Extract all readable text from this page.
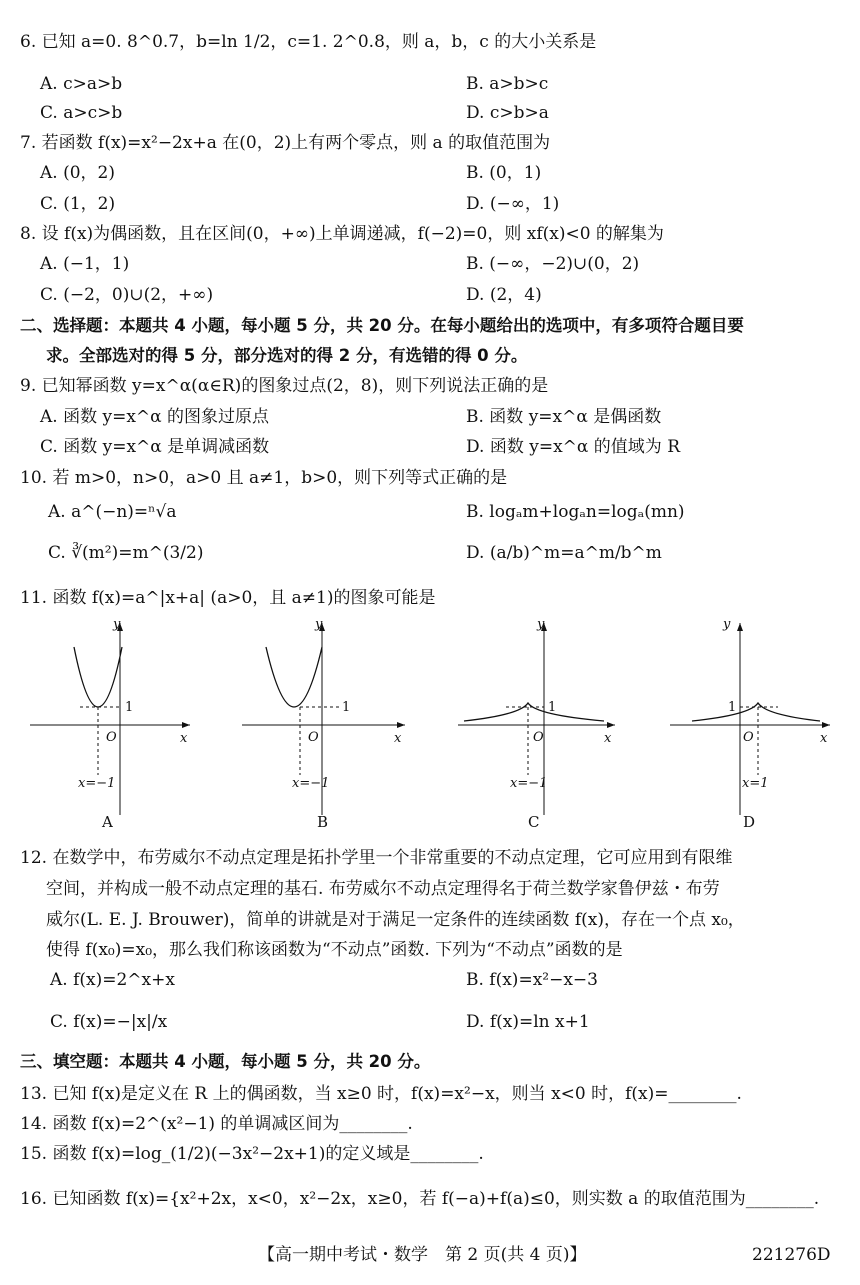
6. 已知 a=0. 8^0.7，b=ln 1/2，c=1. 2^0.8，则 a，b，c 的大小关系是
A. c>a>b	B. a>b>c
C. a>c>b	D. c>b>a
7. 若函数 f(x)=x²−2x+a 在(0，2)上有两个零点，则 a 的取值范围为
A. (0，2)	B. (0，1)
C. (1，2)	D. (−∞，1)
8. 设 f(x)为偶函数，且在区间(0，+∞)上单调递减，f(−2)=0，则 xf(x)<0 的解集为
A. (−1，1)	B. (−∞，−2)∪(0，2)
C. (−2，0)∪(2，+∞)	D. (2，4)
二、选择题：本题共 4 小题，每小题 5 分，共 20 分。在每小题给出的选项中，有多项符合题目要
求。全部选对的得 5 分，部分选对的得 2 分，有选错的得 0 分。
9. 已知幂函数 y=x^α(α∈R)的图象过点(2，8)，则下列说法正确的是
A. 函数 y=x^α 的图象过原点	B. 函数 y=x^α 是偶函数
C. 函数 y=x^α 是单调减函数	D. 函数 y=x^α 的值域为 R
10. 若 m>0，n>0，a>0 且 a≠1，b>0，则下列等式正确的是
A. a^(−n)=ⁿ√a	B. logₐm+logₐn=logₐ(mn)
C. ∛(m²)=m^(3/2)	D. (a/b)^m=a^m/b^m
11. 函数 f(x)=a^|x+a| (a>0，且 a≠1)的图象可能是
y
x
O
1
x=−1
A
y
x
O
1
x=−1
B
y
x
O
1
x=−1
C
y
x
O
1
x=1
D
12. 在数学中，布劳威尔不动点定理是拓扑学里一个非常重要的不动点定理，它可应用到有限维
空间，并构成一般不动点定理的基石. 布劳威尔不动点定理得名于荷兰数学家鲁伊兹・布劳
威尔(L. E. J. Brouwer)，简单的讲就是对于满足一定条件的连续函数 f(x)，存在一个点 x₀，
使得 f(x₀)=x₀，那么我们称该函数为“不动点”函数. 下列为“不动点”函数的是
A. f(x)=2^x+x	B. f(x)=x²−x−3
C. f(x)=−|x|/x	D. f(x)=ln x+1
三、填空题：本题共 4 小题，每小题 5 分，共 20 分。
13. 已知 f(x)是定义在 R 上的偶函数，当 x≥0 时，f(x)=x²−x，则当 x<0 时，f(x)=________.
14. 函数 f(x)=2^(x²−1) 的单调减区间为________.
15. 函数 f(x)=log_(1/2)(−3x²−2x+1)的定义域是________.
16. 已知函数 f(x)={x²+2x，x<0，x²−2x，x≥0，若 f(−a)+f(a)≤0，则实数 a 的取值范围为________.
【高一期中考试・数学　第 2 页(共 4 页)】	221276D
